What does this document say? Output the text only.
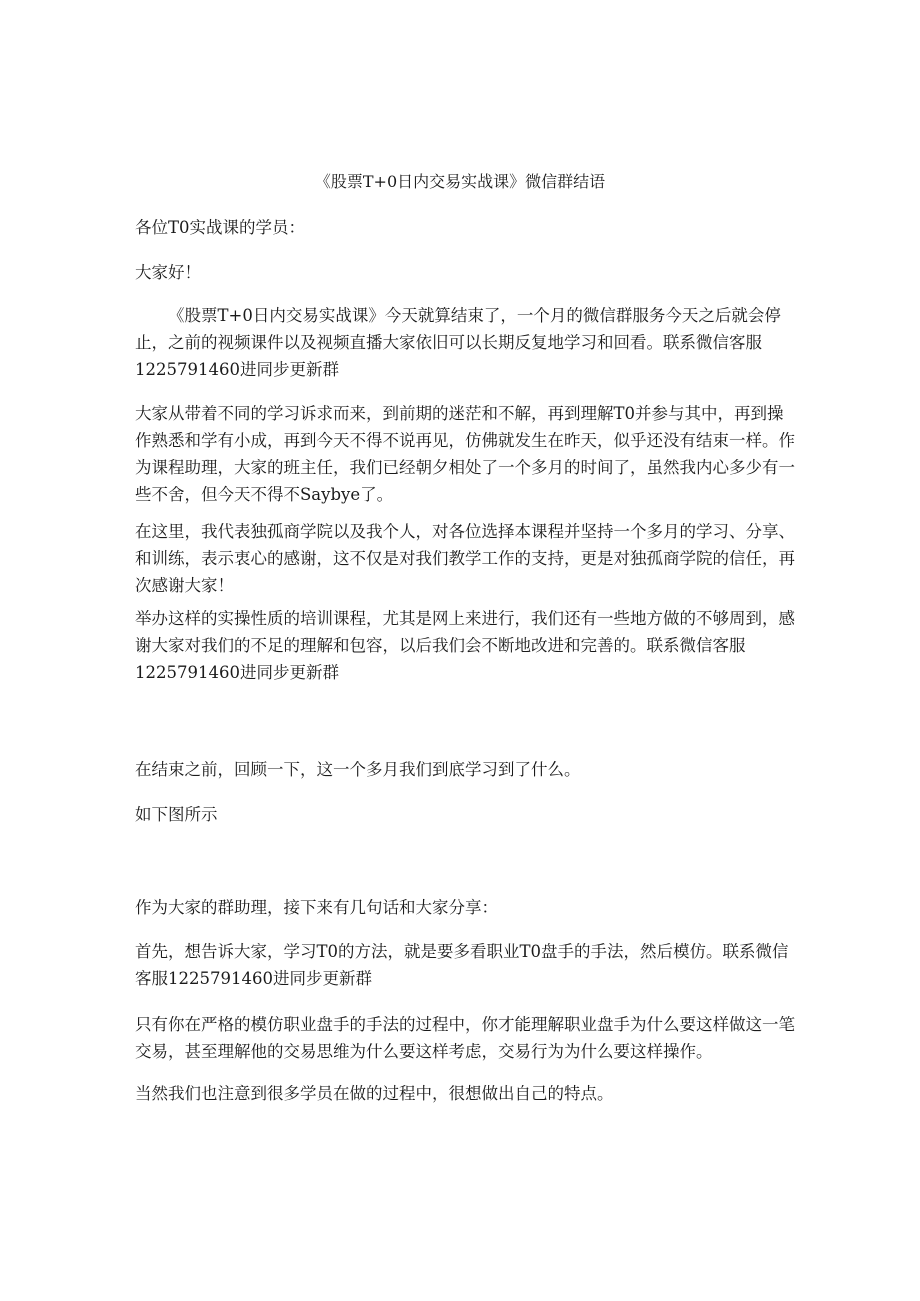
《股票T+0日内交易实战课》微信群结语

各位T0实战课的学员：

大家好！

《股票T+0日内交易实战课》今天就算结束了，一个月的微信群服务今天之后就会停止，之前的视频课件以及视频直播大家依旧可以长期反复地学习和回看。联系微信客服1225791460进同步更新群

大家从带着不同的学习诉求而来，到前期的迷茫和不解，再到理解T0并参与其中，再到操作熟悉和学有小成，再到今天不得不说再见，仿佛就发生在昨天，似乎还没有结束一样。作为课程助理，大家的班主任，我们已经朝夕相处了一个多月的时间了，虽然我内心多少有一些不舍，但今天不得不Saybye了。

在这里，我代表独孤商学院以及我个人，对各位选择本课程并坚持一个多月的学习、分享、和训练，表示衷心的感谢，这不仅是对我们教学工作的支持，更是对独孤商学院的信任，再次感谢大家！

举办这样的实操性质的培训课程，尤其是网上来进行，我们还有一些地方做的不够周到，感谢大家对我们的不足的理解和包容，以后我们会不断地改进和完善的。联系微信客服1225791460进同步更新群

在结束之前，回顾一下，这一个多月我们到底学习到了什么。

如下图所示

作为大家的群助理，接下来有几句话和大家分享：

首先，想告诉大家，学习T0的方法，就是要多看职业T0盘手的手法，然后模仿。联系微信客服1225791460进同步更新群

只有你在严格的模仿职业盘手的手法的过程中，你才能理解职业盘手为什么要这样做这一笔交易，甚至理解他的交易思维为什么要这样考虑，交易行为为什么要这样操作。

当然我们也注意到很多学员在做的过程中，很想做出自己的特点。
